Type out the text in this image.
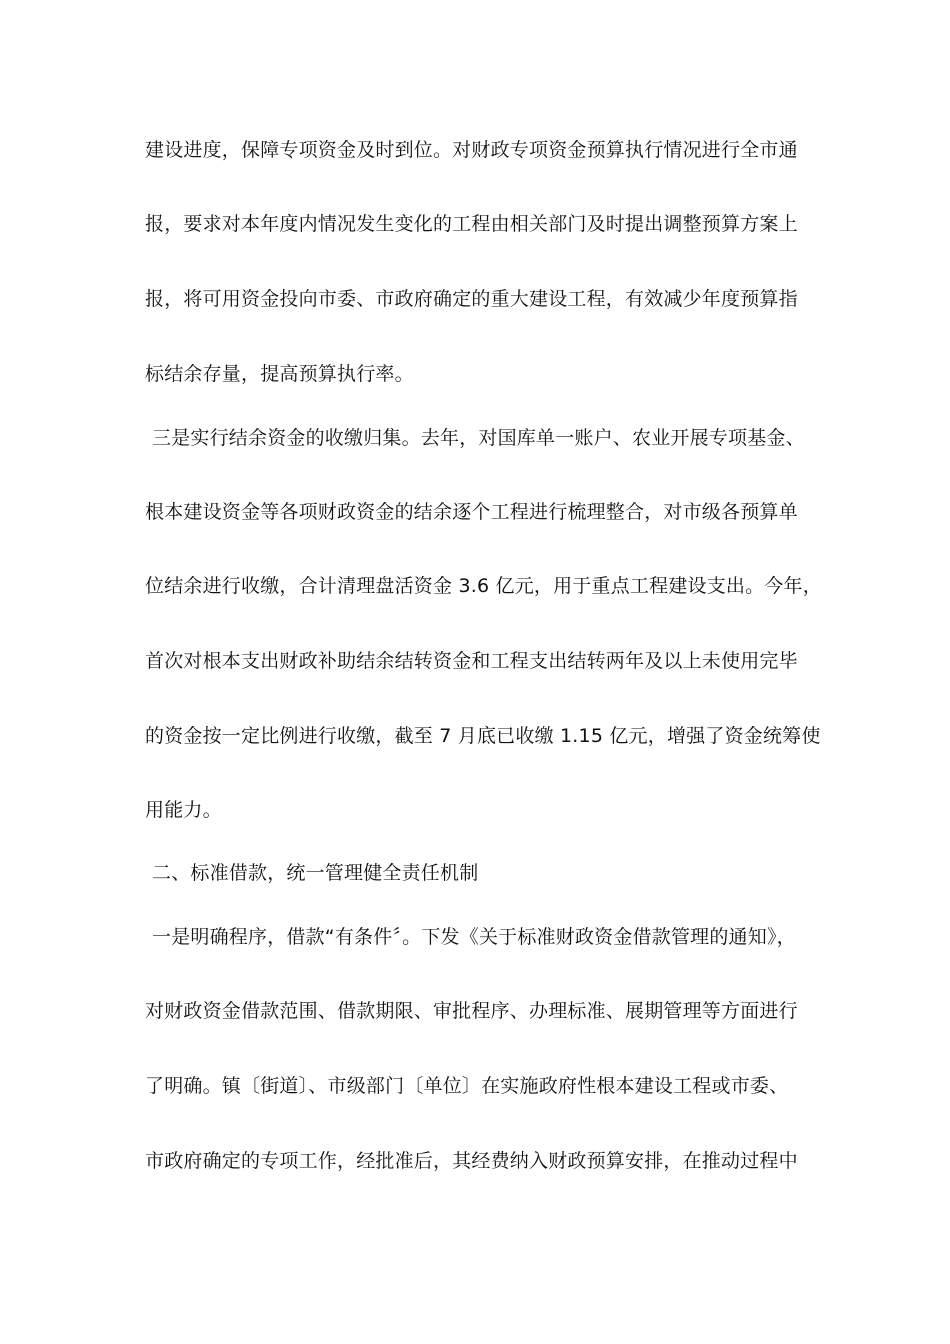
建设进度，保障专项资金及时到位。对财政专项资金预算执行情况进行全市通
报，要求对本年度内情况发生变化的工程由相关部门及时提出调整预算方案上
报，将可用资金投向市委、市政府确定的重大建设工程，有效减少年度预算指
标结余存量，提高预算执行率。
三是实行结余资金的收缴归集。去年，对国库单一账户、农业开展专项基金、
根本建设资金等各项财政资金的结余逐个工程进行梳理整合，对市级各预算单
位结余进行收缴，合计清理盘活资金 3.6 亿元，用于重点工程建设支出。今年，
首次对根本支出财政补助结余结转资金和工程支出结转两年及以上未使用完毕
的资金按一定比例进行收缴，截至 7 月底已收缴 1.15 亿元，增强了资金统筹使
用能力。
二、标准借款，统一管理健全责任机制
一是明确程序，借款“有条件〞。下发《关于标准财政资金借款管理的通知》，
对财政资金借款范围、借款期限、审批程序、办理标准、展期管理等方面进行
了明确。镇〔街道〕、市级部门〔单位〕在实施政府性根本建设工程或市委、
市政府确定的专项工作，经批准后，其经费纳入财政预算安排，在推动过程中
